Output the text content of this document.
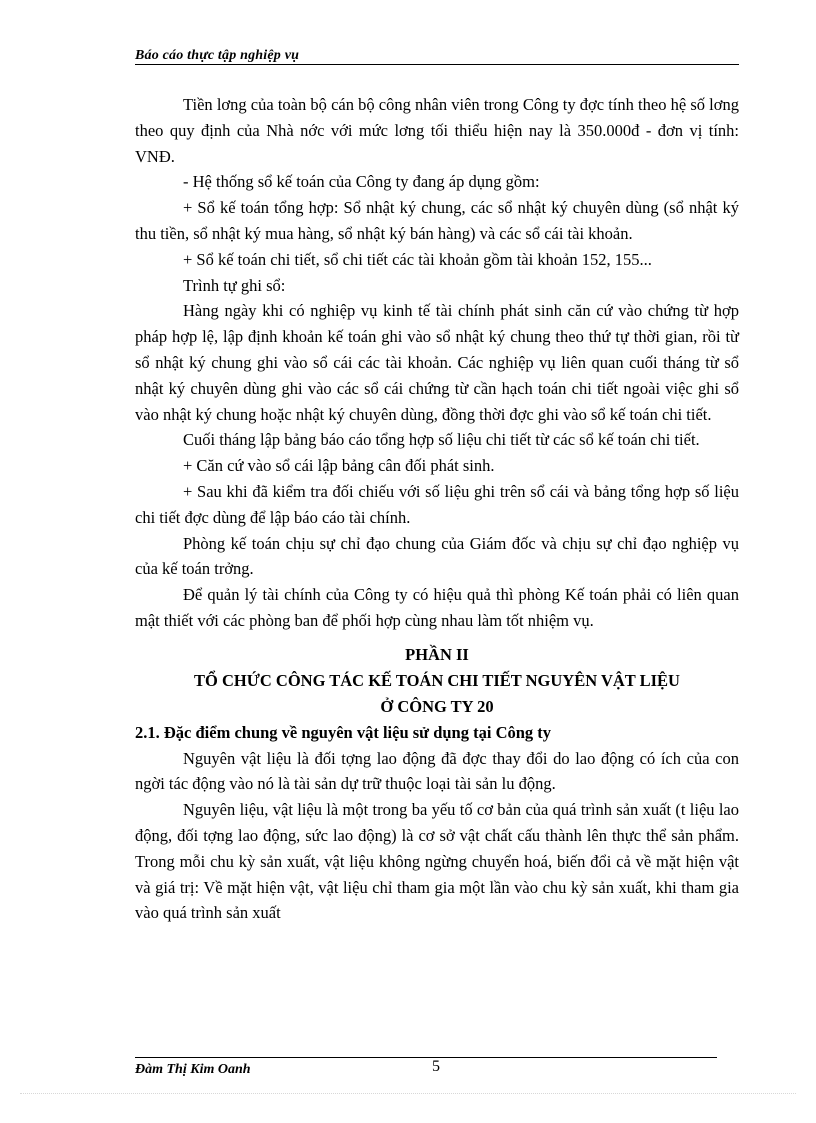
Báo cáo thực tập nghiệp vụ

Tiền lơng của toàn bộ cán bộ công nhân viên trong Công ty đợc tính theo hệ số lơng theo quy định của Nhà nớc với mức lơng tối thiểu hiện nay là 350.000đ - đơn vị tính: VNĐ.

- Hệ thống sổ kế toán của Công ty đang áp dụng gồm:

+ Sổ kế toán tổng hợp: Sổ nhật ký chung, các sổ nhật ký chuyên dùng (sổ nhật ký thu tiền, sổ nhật ký mua hàng, sổ nhật ký bán hàng) và các sổ cái tài khoản.

+ Sổ kế toán chi tiết, sổ chi tiết các tài khoản gồm tài khoản 152, 155...

Trình tự ghi sổ:

Hàng ngày khi có nghiệp vụ kinh tế tài chính phát sinh căn cứ vào chứng từ hợp pháp hợp lệ, lập định khoản kế toán ghi vào sổ nhật ký chung theo thứ tự thời gian, rồi từ sổ nhật ký chung ghi vào sổ cái các tài khoản. Các nghiệp vụ liên quan cuối tháng từ sổ nhật ký chuyên dùng ghi vào các sổ cái chứng từ cần hạch toán chi tiết ngoài việc ghi sổ vào nhật ký chung hoặc nhật ký chuyên dùng, đồng thời đợc ghi vào sổ kế toán chi tiết.

Cuối tháng lập bảng báo cáo tổng hợp số liệu chi tiết từ các sổ kế toán chi tiết.

+ Căn cứ vào sổ cái lập bảng cân đối phát sinh.

+ Sau khi đã kiểm tra đối chiếu với số liệu ghi trên sổ cái và bảng tổng hợp số liệu chi tiết đợc dùng để lập báo cáo tài chính.

Phòng kế toán chịu sự chỉ đạo chung của Giám đốc và chịu sự chỉ đạo nghiệp vụ của kế toán trởng.

Để quản lý tài chính của Công ty có hiệu quả thì phòng Kế toán phải có liên quan mật thiết với các phòng ban để phối hợp cùng nhau làm tốt nhiệm vụ.

PHẦN II
TỔ CHỨC CÔNG TÁC KẾ TOÁN CHI TIẾT NGUYÊN VẬT LIỆU
Ở CÔNG TY 20

2.1. Đặc điểm chung về nguyên vật liệu sử dụng tại Công ty

Nguyên vật liệu là đối tợng lao động đã đợc thay đổi do lao động có ích của con ngời tác động vào nó là tài sản dự trữ thuộc loại tài sản lu động.

Nguyên liệu, vật liệu là một trong ba yếu tố cơ bản của quá trình sản xuất (t liệu lao động, đối tợng lao động, sức lao động) là cơ sở vật chất cấu thành lên thực thể sản phẩm. Trong mỗi chu kỳ sản xuất, vật liệu không ngừng chuyển hoá, biến đổi cả về mặt hiện vật và giá trị: Về mặt hiện vật, vật liệu chỉ tham gia một lần vào chu kỳ sản xuất, khi tham gia vào quá trình sản xuất

Đàm Thị Kim Oanh	5
